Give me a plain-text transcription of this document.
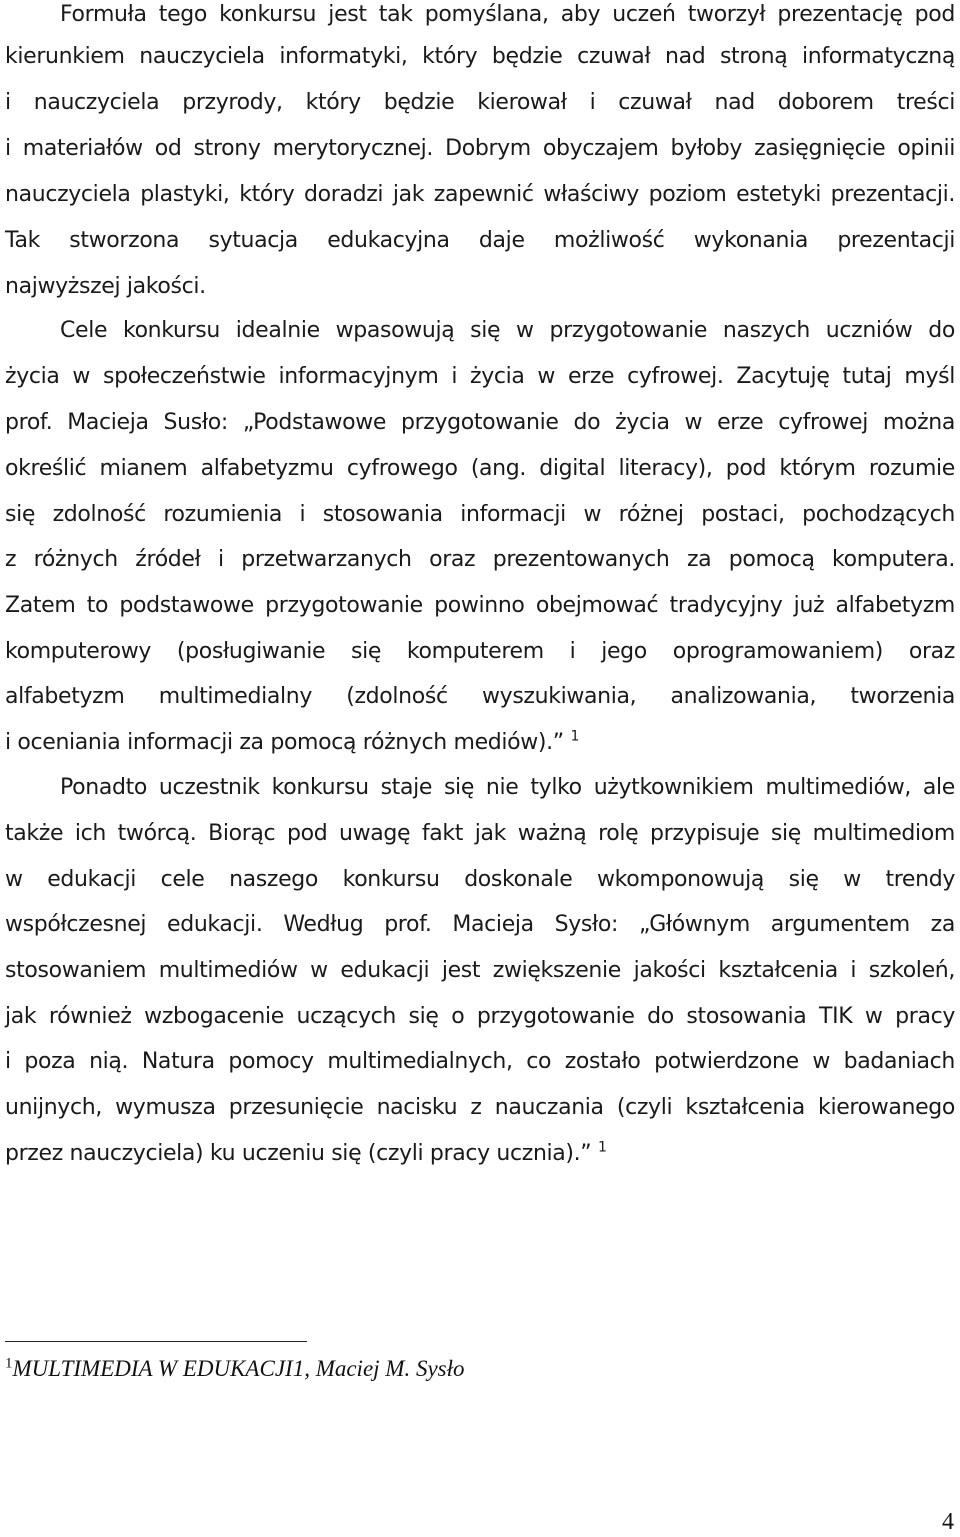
Formuła tego konkursu jest tak pomyślana, aby uczeń tworzył prezentację pod
kierunkiem nauczyciela informatyki, który będzie czuwał nad stroną informatyczną
i nauczyciela przyrody, który będzie kierował i czuwał nad doborem treści
i materiałów od strony merytorycznej. Dobrym obyczajem byłoby zasięgnięcie opinii
nauczyciela plastyki, który doradzi jak zapewnić właściwy poziom estetyki prezentacji.
Tak stworzona sytuacja edukacyjna daje możliwość wykonania prezentacji
najwyższej jakości.
Cele konkursu idealnie wpasowują się w przygotowanie naszych uczniów do
życia w społeczeństwie informacyjnym i życia w erze cyfrowej. Zacytuję tutaj myśl
prof. Macieja Susło: „Podstawowe przygotowanie do życia w erze cyfrowej można
określić mianem alfabetyzmu cyfrowego (ang. digital literacy), pod którym rozumie
się zdolność rozumienia i stosowania informacji w różnej postaci, pochodzących
z różnych źródeł i przetwarzanych oraz prezentowanych za pomocą komputera.
Zatem to podstawowe przygotowanie powinno obejmować tradycyjny już alfabetyzm
komputerowy (posługiwanie się komputerem i jego oprogramowaniem) oraz
alfabetyzm multimedialny (zdolność wyszukiwania, analizowania, tworzenia
i oceniania informacji za pomocą różnych mediów).” $^1$
Ponadto uczestnik konkursu staje się nie tylko użytkownikiem multimediów, ale
także ich twórcą. Biorąc pod uwagę fakt jak ważną rolę przypisuje się multimediom
w edukacji cele naszego konkursu doskonale wkomponowują się w trendy
współczesnej edukacji. Według prof. Macieja Sysło: „Głównym argumentem za
stosowaniem multimediów w edukacji jest zwiększenie jakości kształcenia i szkoleń,
jak również wzbogacenie uczących się o przygotowanie do stosowania TIK w pracy
i poza nią. Natura pomocy multimedialnych, co zostało potwierdzone w badaniach
unijnych, wymusza przesunięcie nacisku z nauczania (czyli kształcenia kierowanego
przez nauczyciela) ku uczeniu się (czyli pracy ucznia).” $^1$
$^1$MULTIMEDIA W EDUKACJI1, Maciej M. Sysło
4
